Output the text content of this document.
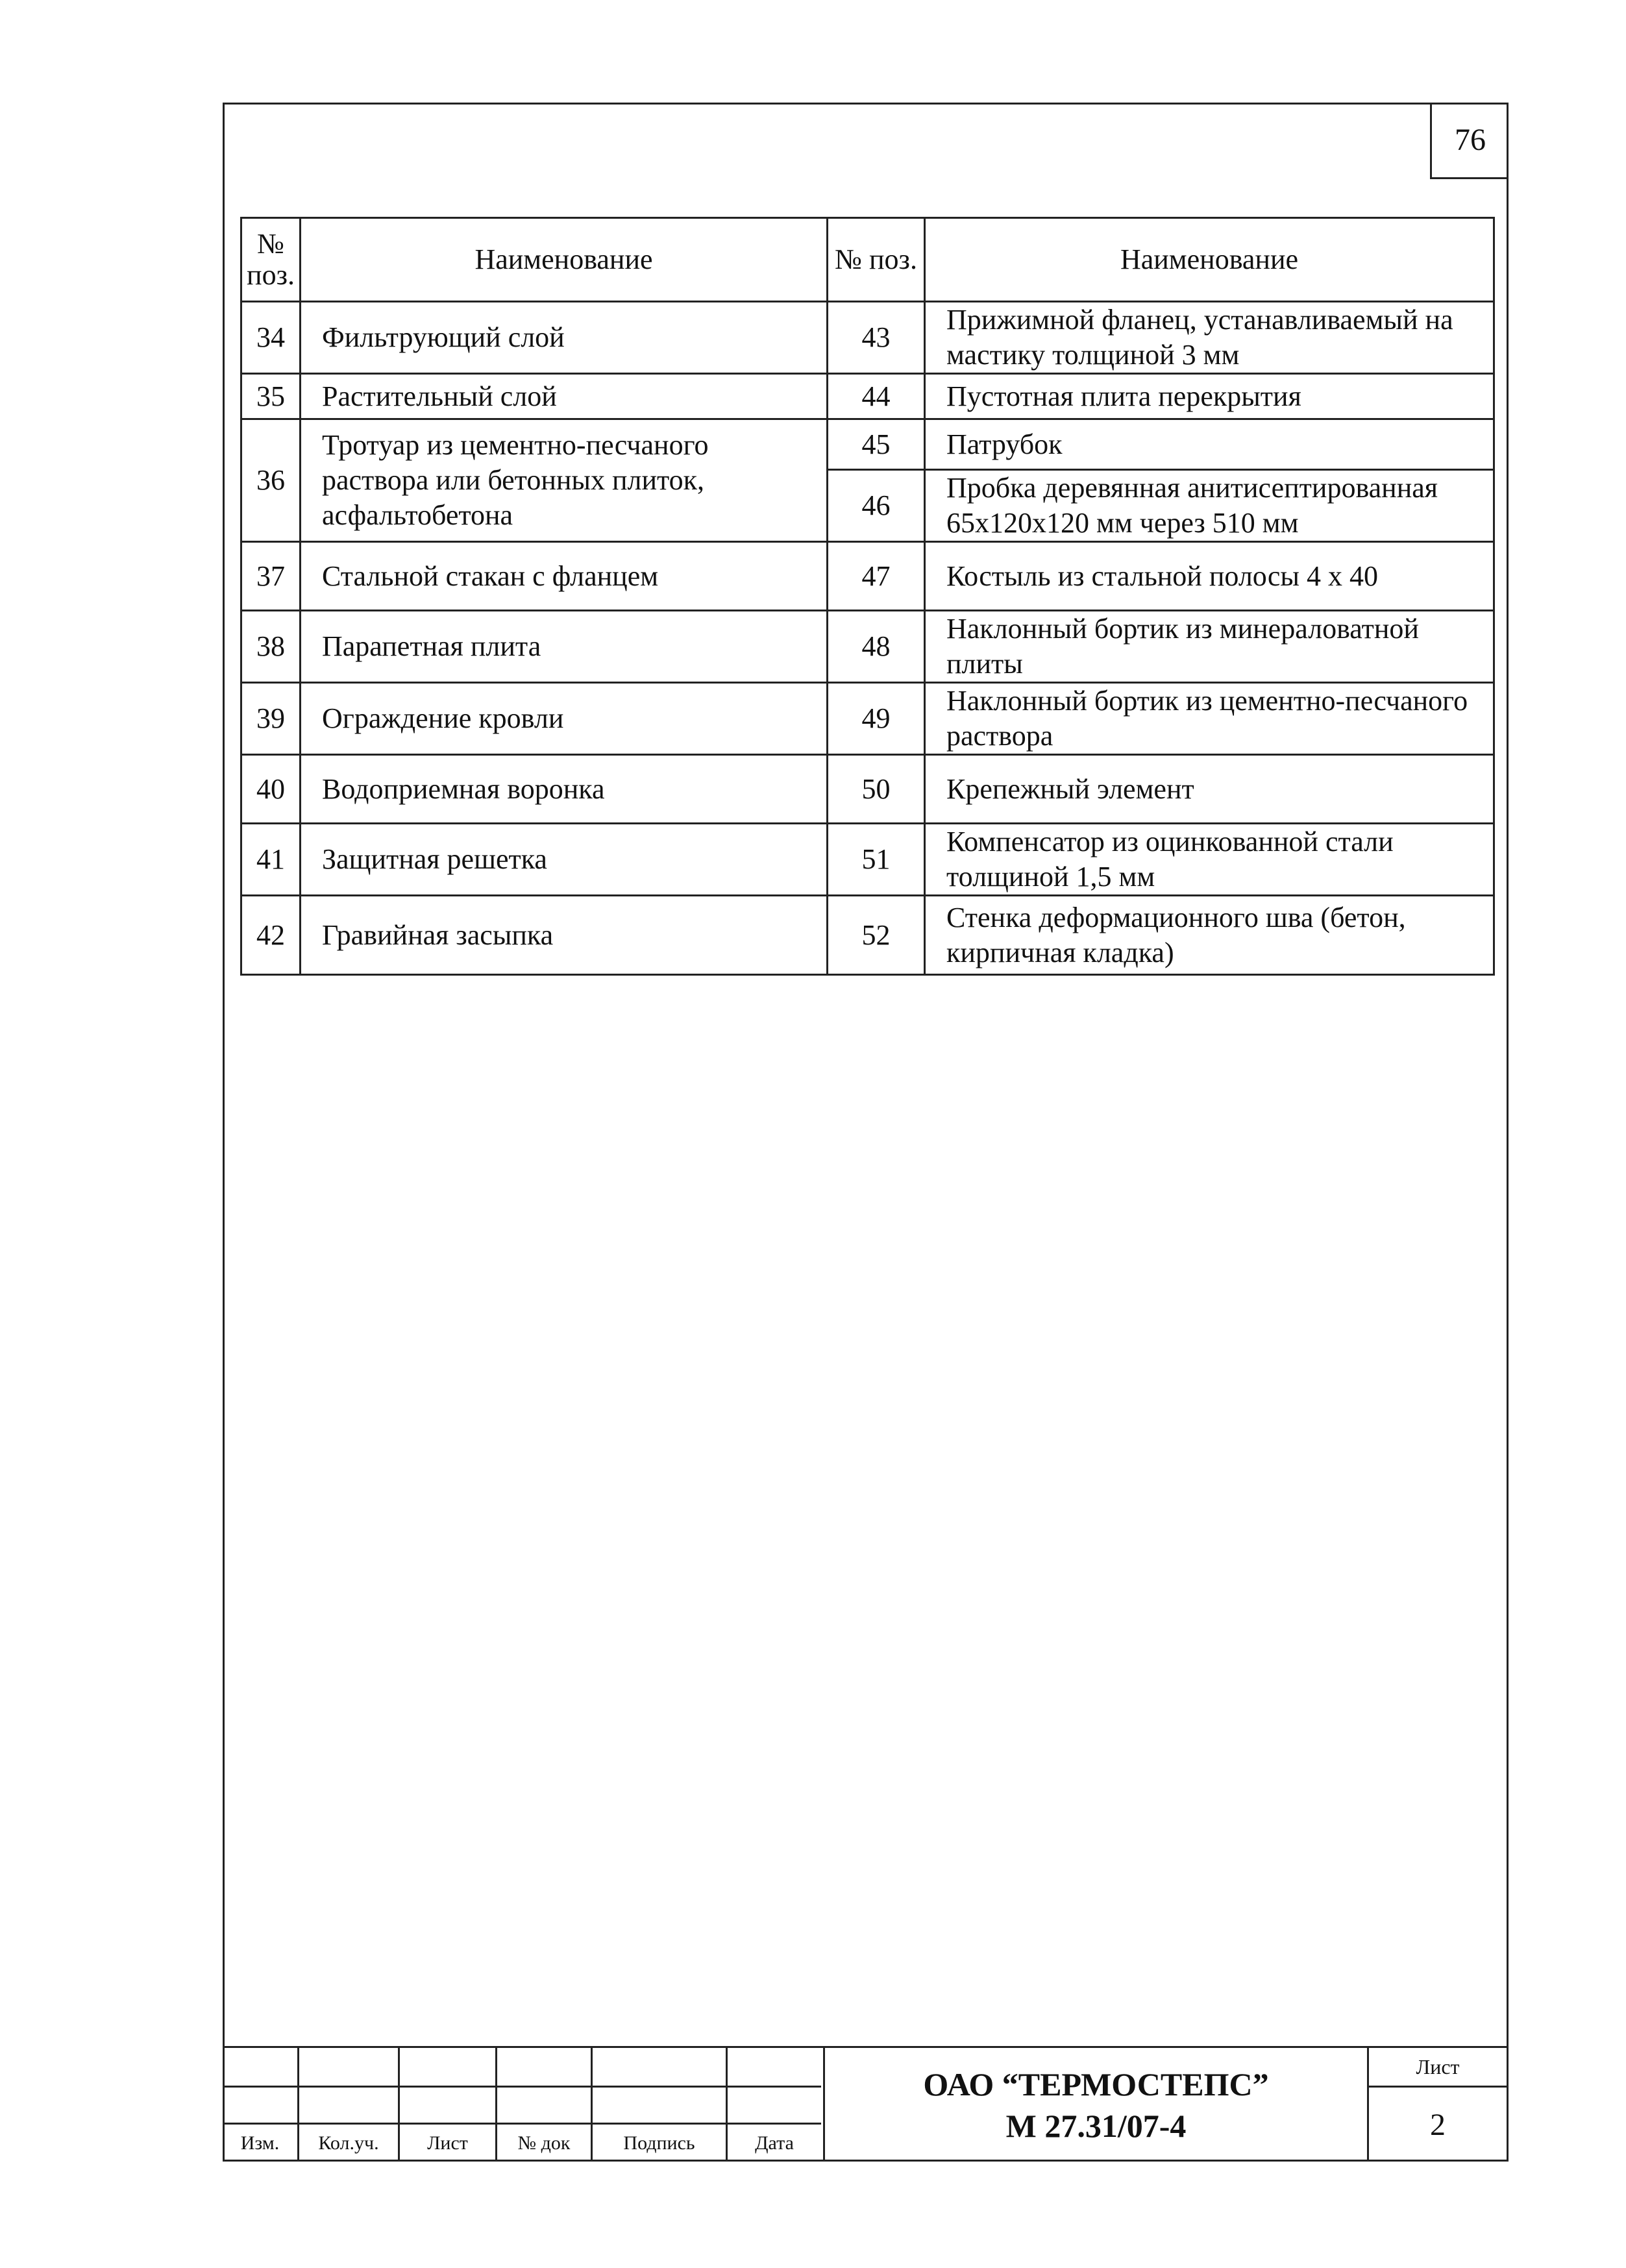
76
№ поз.	Наименование	№ поз.	Наименование
34	Фильтрующий слой	43	Прижимной фланец, устанавливаемый на мастику толщиной 3 мм
35	Растительный слой	44	Пустотная плита перекрытия
36	Тротуар из цементно-песчаного раствора или бетонных плиток, асфальтобетона	45	Патрубок
		46	Пробка деревянная анитисептированная 65х120х120 мм через 510 мм
37	Стальной стакан с фланцем	47	Костыль из стальной полосы 4 х 40
38	Парапетная плита	48	Наклонный бортик из минераловатной плиты
39	Ограждение кровли	49	Наклонный бортик из цементно-песчаного раствора
40	Водоприемная воронка	50	Крепежный элемент
41	Защитная решетка	51	Компенсатор из оцинкованной стали толщиной 1,5 мм
42	Гравийная засыпка	52	Стенка деформационного шва (бетон, кирпичная кладка)
Изм.	Кол.уч.	Лист	№ док	Подпись	Дата
ОАО “ТЕРМОСТЕПС”
М 27.31/07-4
Лист
2
